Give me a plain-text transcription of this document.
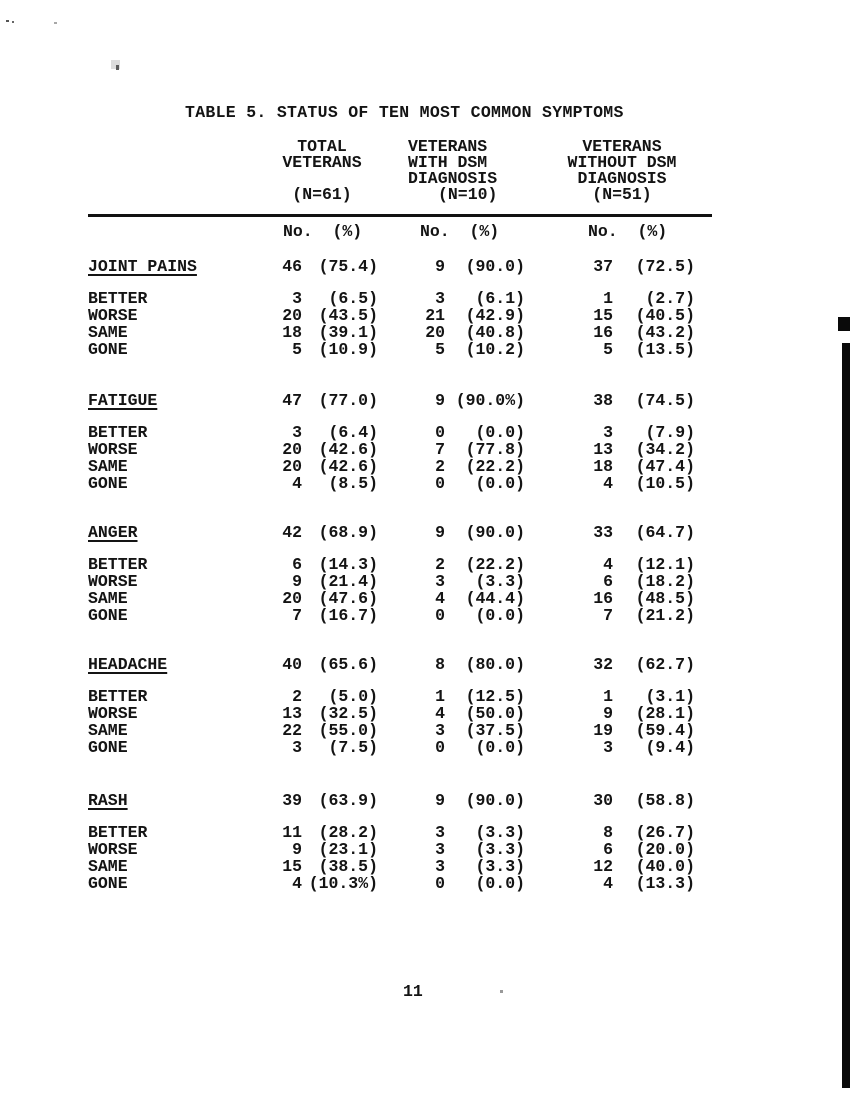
TABLE 5. STATUS OF TEN MOST COMMON SYMPTOMS
TOTAL
VETERANS
(N=61)
VETERANS
WITH DSM
DIAGNOSIS
(N=10)
VETERANS
WITHOUT DSM
DIAGNOSIS
(N=51)
No.  (%)	No.  (%)	No.  (%)
JOINT PAINS	46	(75.4)	9	(90.0)	37	(72.5)
BETTER	3	(6.5)	3	(6.1)	1	(2.7)
WORSE	20	(43.5)	21	(42.9)	15	(40.5)
SAME	18	(39.1)	20	(40.8)	16	(43.2)
GONE	5	(10.9)	5	(10.2)	5	(13.5)
FATIGUE	47	(77.0)	9 (90.0%)	38	(74.5)
BETTER	3	(6.4)	0	(0.0)	3	(7.9)
WORSE	20	(42.6)	7	(77.8)	13	(34.2)
SAME	20	(42.6)	2	(22.2)	18	(47.4)
GONE	4	(8.5)	0	(0.0)	4	(10.5)
ANGER	42	(68.9)	9	(90.0)	33	(64.7)
BETTER	6	(14.3)	2	(22.2)	4	(12.1)
WORSE	9	(21.4)	3	(3.3)	6	(18.2)
SAME	20	(47.6)	4	(44.4)	16	(48.5)
GONE	7	(16.7)	0	(0.0)	7	(21.2)
HEADACHE	40	(65.6)	8	(80.0)	32	(62.7)
BETTER	2	(5.0)	1	(12.5)	1	(3.1)
WORSE	13	(32.5)	4	(50.0)	9	(28.1)
SAME	22	(55.0)	3	(37.5)	19	(59.4)
GONE	3	(7.5)	0	(0.0)	3	(9.4)
RASH	39	(63.9)	9	(90.0)	30	(58.8)
BETTER	11	(28.2)	3	(3.3)	8	(26.7)
WORSE	9	(23.1)	3	(3.3)	6	(20.0)
SAME	15	(38.5)	3	(3.3)	12	(40.0)
GONE	4 (10.3%)	0	(0.0)	4	(13.3)
11
